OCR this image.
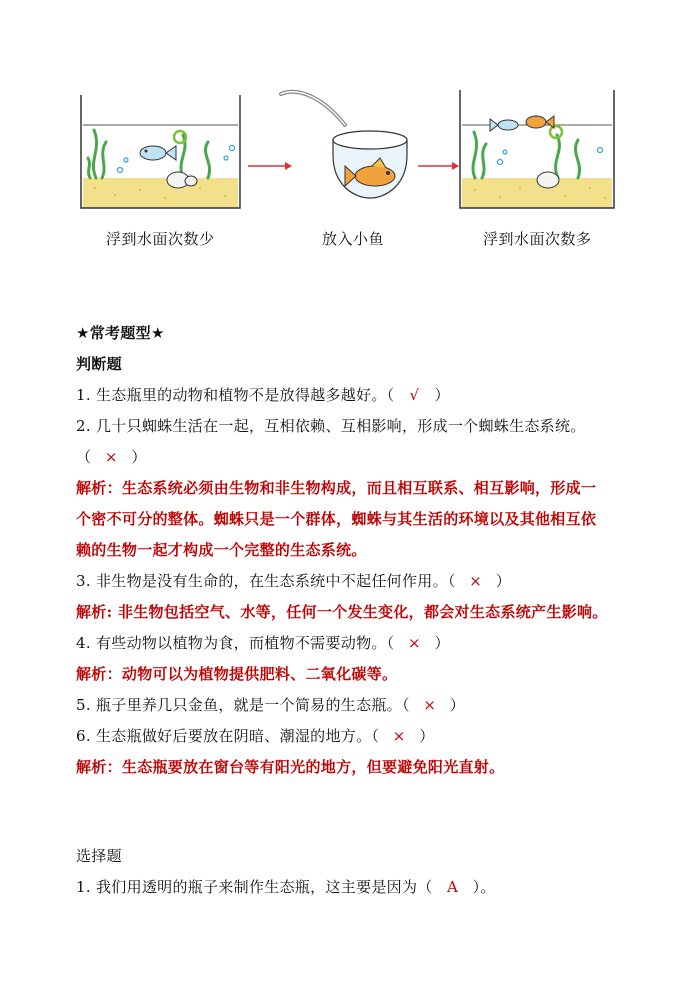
浮到水面次数少	放入小鱼	浮到水面次数多
★常考题型★
判断题
1. 生态瓶里的动物和植物不是放得越多越好。（ √ ）
2. 几十只蜘蛛生活在一起，互相依赖、互相影响，形成一个蜘蛛生态系统。
（ × ）
解析：生态系统必须由生物和非生物构成，而且相互联系、相互影响，形成一
个密不可分的整体。蜘蛛只是一个群体，蜘蛛与其生活的环境以及其他相互依
赖的生物一起才构成一个完整的生态系统。
3. 非生物是没有生命的，在生态系统中不起任何作用。（ × ）
解析: 非生物包括空气、水等，任何一个发生变化，都会对生态系统产生影响。
4. 有些动物以植物为食，而植物不需要动物。（ × ）
解析：动物可以为植物提供肥料、二氧化碳等。
5. 瓶子里养几只金鱼，就是一个简易的生态瓶。（ × ）
6. 生态瓶做好后要放在阴暗、潮湿的地方。（ × ）
解析：生态瓶要放在窗台等有阳光的地方，但要避免阳光直射。
选择题
1. 我们用透明的瓶子来制作生态瓶，这主要是因为（ A ）。
